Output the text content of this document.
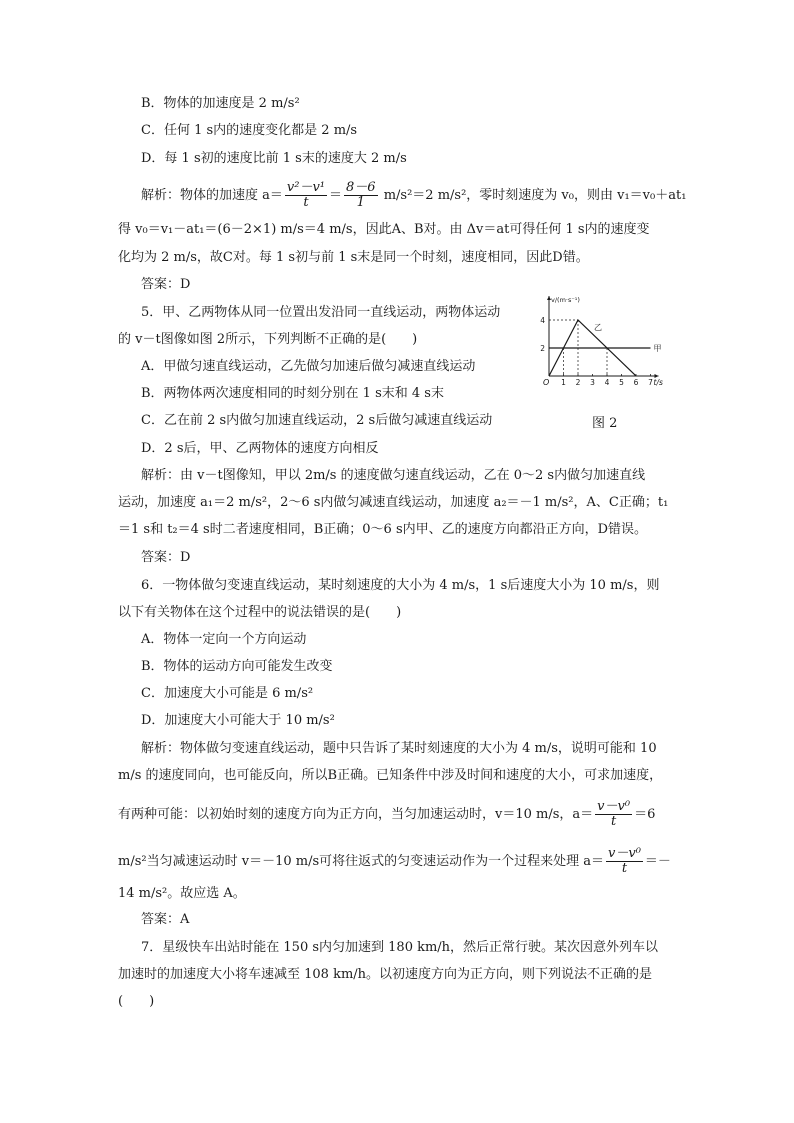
B．物体的加速度是 2 m/s²
C．任何 1 s内的速度变化都是 2 m/s
D．每 1 s初的速度比前 1 s末的速度大 2 m/s
解析：物体的加速度 $a= \frac{\text{v²－v¹}}{t} = \frac{8-6}{1} m/s^2=2$ m/s²，零时刻速度为 v₀，则由 v₁＝v₀＋at₁
得 v₀＝v₁－at₁＝(6－2×1) m/s＝4 m/s，因此A、B对。由 Δv＝at可得任何 1 s内的速度变
化均为 2 m/s，故C对。每 1 s初与前 1 s末是同一个时刻，速度相同，因此D错。
答案：D
5．甲、乙两物体从同一位置出发沿同一直线运动，两物体运动
的 v－t图像如图 2所示，下列判断不正确的是(　　)
A．甲做匀速直线运动，乙先做匀加速后做匀减速直线运动
B．两物体两次速度相同的时刻分别在 1 s末和 4 s末
C．乙在前 2 s内做匀加速直线运动，2 s后做匀减速直线运动	图 2
D．2 s后，甲、乙两物体的速度方向相反
解析：由 v－t图像知，甲以 2m/s 的速度做匀速直线运动，乙在 0～2 s内做匀加速直线
运动，加速度 a₁＝2 m/s²，2～6 s内做匀减速直线运动，加速度 a₂＝－1 m/s²，A、C正确；t₁
＝1 s和 t₂＝4 s时二者速度相同，B正确；0～6 s内甲、乙的速度方向都沿正方向，D错误。
答案：D
1 2 3 4 5 6 7
2
4
O
v/(m·s⁻¹)
t/s
甲
乙
6．一物体做匀变速直线运动，某时刻速度的大小为 4 m/s，1 s后速度大小为 10 m/s，则
以下有关物体在这个过程中的说法错误的是(　　)
A．物体一定向一个方向运动
B．物体的运动方向可能发生改变
C．加速度大小可能是 6 m/s²
D．加速度大小可能大于 10 m/s²
解析：物体做匀变速直线运动，题中只告诉了某时刻速度的大小为 4 m/s，说明可能和 10
m/s 的速度同向，也可能反向，所以B正确。已知条件中涉及时间和速度的大小，可求加速度，
有两种可能：以初始时刻的速度方向为正方向，当匀加速运动时，v＝10 m/s，$a= \frac{\text{v－v⁰}}{t} =6$
m/s²当匀减速运动时 v＝－10 m/s可将往返式的匀变速运动作为一个过程来处理 $a= \frac{\text{v－v⁰}}{t}$ ＝－
14 m/s²。故应选 A。
答案：A
7．星级快车出站时能在 150 s内匀加速到 180 km/h，然后正常行驶。某次因意外列车以
加速时的加速度大小将车速减至 108 km/h。以初速度方向为正方向，则下列说法不正确的是
(　　)
